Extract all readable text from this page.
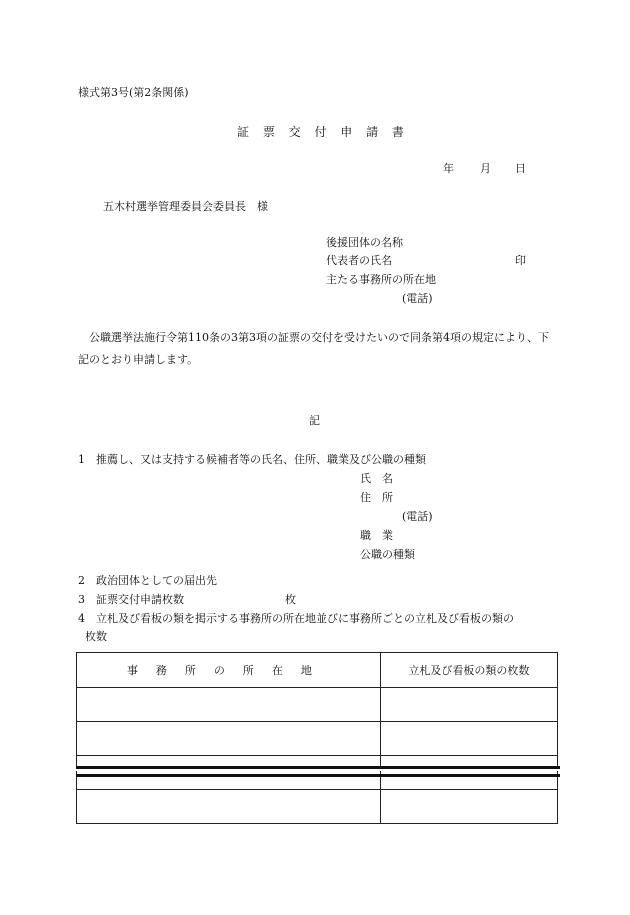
様式第3号(第2条関係)
証 票 交 付 申 請 書
年 月 日
五木村選挙管理委員会委員長　様
後援団体の名称
代表者の氏名	印
主たる事務所の所在地
(電話)
公職選挙法施行令第110条の3第3項の証票の交付を受けたいので同条第4項の規定により、下記のとおり申請します。
記
1 推薦し、又は支持する候補者等の氏名、住所、職業及び公職の種類
氏　名
住　所
(電話)
職　業
公職の種類
2 政治団体としての届出先
3 証票交付申請枚数	枚
4 立札及び看板の類を掲示する事務所の所在地並びに事務所ごとの立札及び看板の類の
枚数
事務所の所在地	立札及び看板の類の枚数
